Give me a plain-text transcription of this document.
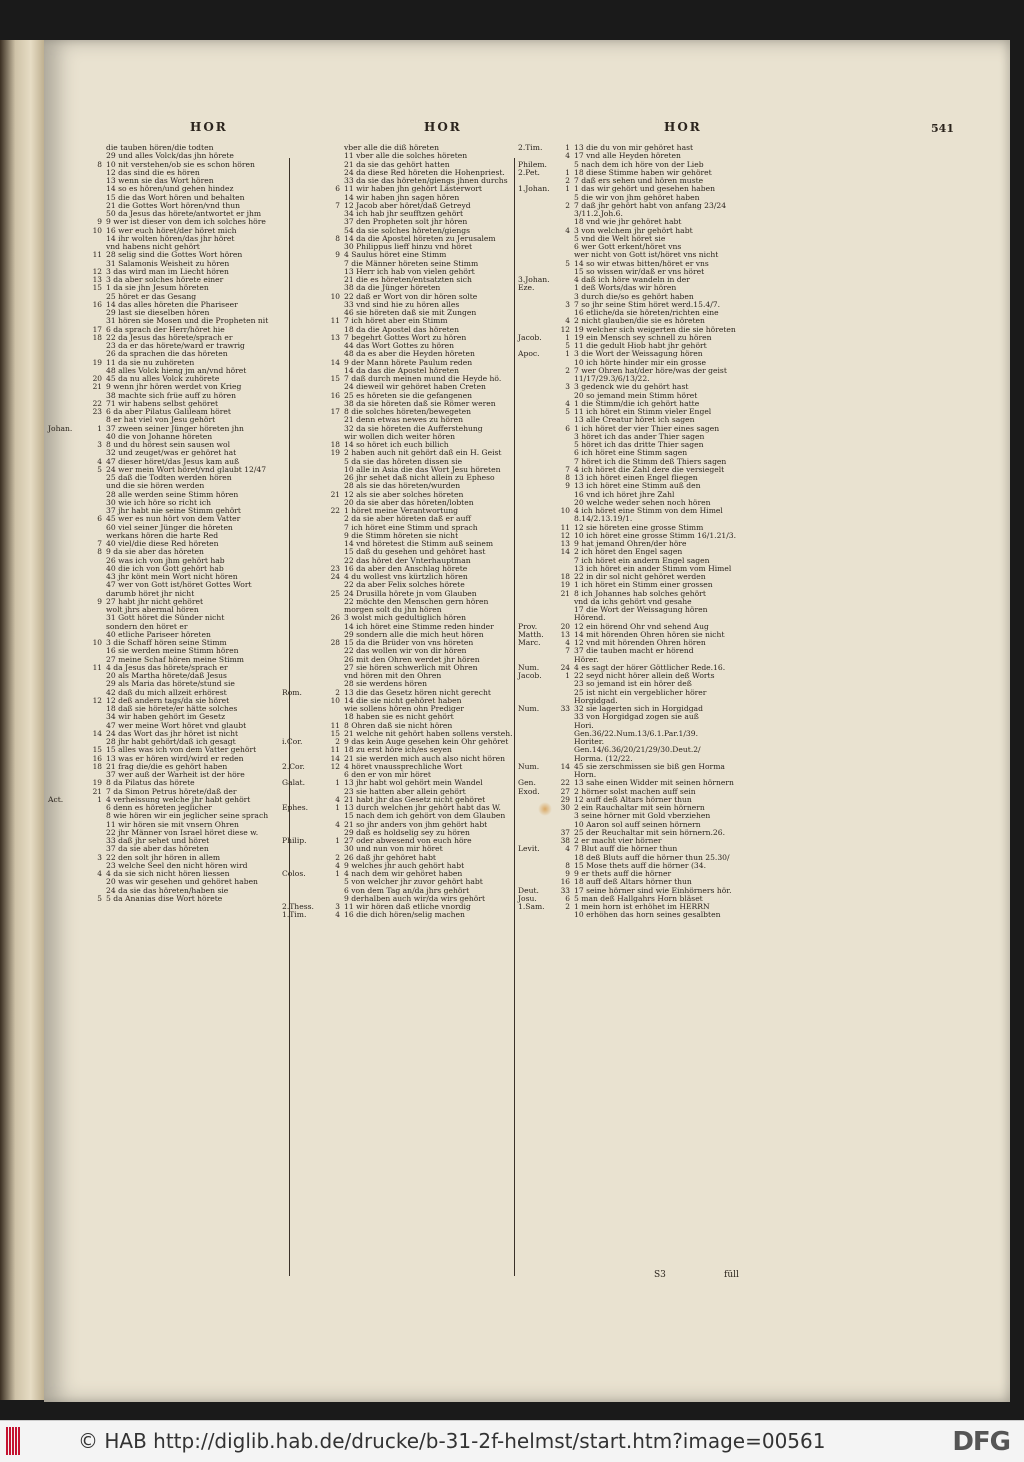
HOR	HOR	HOR	541
die tauben hören/die todten
29 und alles Volck/das jhn hörete
8 10 nit verstehen/ob sie es schon hören
12 das sind die es hören
13 wenn sie das Wort hören
14 so es hören/und gehen hindez
15 die das Wort hören und behalten
21 die Gottes Wort hören/vnd thun
50 da Jesus das hörete/antwortet er jhm
9 9 wer ist dieser von dem ich solches höre
10 16 wer euch höret/der höret mich
14 ihr wolten hören/das jhr höret
vnd habens nicht gehört
11 28 selig sind die Gottes Wort hören
31 Salamonis Weisheit zu hören
12 3 das wird man im Liecht hören
13 3 da aber solches hörete einer
15 1 da sie jhn Jesum höreten
25 höret er das Gesang
16 14 das alles höreten die Phariseer
29 last sie dieselben hören
31 hören sie Mosen und die Propheten nit
17 6 da sprach der Herr/höret hie
18 22 da Jesus das hörete/sprach er
23 da er das hörete/ward er trawrig
26 da sprachen die das höreten
19 11 da sie nu zuhöreten
48 alles Volck hieng jm an/vnd höret
20 45 da nu alles Volck zuhörete
21 9 wenn jhr hören werdet von Krieg
38 machte sich früe auff zu hören
22 71 wir habens selbst gehöret
23 6 da aber Pilatus Galileam höret
8 er hat viel von Jesu gehört
Johan.	1 37 zween seiner Jünger höreten jhn
40 die von Johanne höreten
3 8 und du hörest sein sausen wol
32 und zeuget/was er gehöret hat
4 47 dieser höret/das Jesus kam auß
5 24 wer mein Wort höret/vnd glaubt 12/47
25 daß die Todten werden hören
und die sie hören werden
28 alle werden seine Stimm hören
30 wie ich höre so richt ich
37 jhr habt nie seine Stimm gehört
6 45 wer es nun hört von dem Vatter
60 viel seiner Jünger die höreten
werkans hören die harte Red
7 40 viel/die diese Red höreten
8 9 da sie aber das höreten
26 was ich von jhm gehört hab
40 die ich von Gott gehört hab
43 jhr könt mein Wort nicht hören
47 wer von Gott ist/höret Gottes Wort
darumb höret jhr nicht
9 27 habt jhr nicht gehöret
wolt jhrs abermal hören
31 Gott höret die Sünder nicht
sondern den höret er
40 etliche Pariseer höreten
10 3 die Schaff hören seine Stimm
16 sie werden meine Stimm hören
27 meine Schaf hören meine Stimm
11 4 da Jesus das hörete/sprach er
20 als Martha hörete/daß Jesus
29 als Maria das hörete/stund sie
42 daß du mich allzeit erhörest
12 12 deß andern tags/da sie höret
18 daß sie hörete/er hätte solches
34 wir haben gehört im Gesetz
47 wer meine Wort höret vnd glaubt
14 24 das Wort das jhr höret ist nicht
28 jhr habt gehört/daß ich gesagt
15 15 alles was ich von dem Vatter gehört
16 13 was er hören wird/wird er reden
18 21 frag die/die es gehört haben
37 wer auß der Warheit ist der höre
19 8 da Pilatus das hörete
21 7 da Simon Petrus hörete/daß der
Act.	1 4 verheissung welche jhr habt gehört
6 denn es höreten jeglicher
8 wie hören wir ein jeglicher seine sprach
11 wir hören sie mit vnsern Ohren
22 jhr Männer von Israel höret diese w.
33 daß jhr sehet und höret
37 da sie aber das höreten
3 22 den solt jhr hören in allem
23 welche Seel den nicht hören wird
4 4 da sie sich nicht hören liessen
20 was wir gesehen und gehöret haben
24 da sie das höreten/haben sie
5 5 da Ananias dise Wort hörete
vber alle die diß höreten
11 vber alle die solches höreten
21 da sie das gehört hatten
24 da diese Red höreten die Hohenpriest.
33 da sie das höreten/giengs jhnen durchs
6 11 wir haben jhn gehört Lästerwort
14 wir haben jhn sagen hören
7 12 Jacob aber höret/daß Getreyd
34 ich hab jhr seufftzen gehört
37 den Propheten solt jhr hören
54 da sie solches höreten/giengs
8 14 da die Apostel höreten zu Jerusalem
30 Philippus lieff hinzu vnd höret
9 4 Saulus höret eine Stimm
7 die Männer höreten seine Stimm
13 Herr ich hab von vielen gehört
21 die es höreten/entsatzten sich
38 da die Jünger höreten
10 22 daß er Wort von dir hören solte
33 vnd sind hie zu hören alles
46 sie höreten daß sie mit Zungen
11 7 ich höret aber ein Stimm
18 da die Apostel das höreten
13 7 begehrt Gottes Wort zu hören
44 das Wort Gottes zu hören
48 da es aber die Heyden höreten
14 9 der Mann hörete Paulum reden
14 da das die Apostel höreten
15 7 daß durch meinen mund die Heyde hö.
24 dieweil wir gehöret haben Creten
16 25 es höreten sie die gefangenen
38 da sie höreten daß sie Römer weren
17 8 die solches höreten/bewegeten
21 denn etwas newes zu hören
32 da sie höreten die Aufferstehung
wir wollen dich weiter hören
18 14 so höret ich euch billich
19 2 haben auch nit gehört daß ein H. Geist
5 da sie das höreten dissen sie
10 alle in Asia die das Wort Jesu höreten
26 jhr sehet daß nicht allein zu Epheso
28 als sie das höreten/wurden
21 12 als sie aber solches höreten
20 da sie aber das höreten/lobten
22 1 höret meine Verantwortung
2 da sie aber höreten daß er auff
7 ich höret eine Stimm und sprach
9 die Stimm höreten sie nicht
14 vnd höretest die Stimm auß seinem
15 daß du gesehen und gehöret hast
22 das höret der Vnterhauptman
23 16 da aber den Anschlag hörete
24 4 du wollest vns kürtzlich hören
22 da aber Felix solches hörete
25 24 Drusilla hörete jn vom Glauben
22 möchte den Menschen gern hören
morgen solt du jhn hören
26 3 wolst mich gedultiglich hören
14 ich höret eine Stimme reden hinder
29 sondern alle die mich heut hören
28 15 da die Brüder von vns höreten
22 das wollen wir von dir hören
26 mit den Ohren werdet jhr hören
27 sie hören schwerlich mit Ohren
vnd hören mit den Ohren
28 sie werdens hören
Rom.	2 13 die das Gesetz hören nicht gerecht
10 14 die sie nicht gehöret haben
wie sollens hören ohn Prediger
18 haben sie es nicht gehört
11 8 Ohren daß sie nicht hören
15 21 welche nit gehört haben sollens versteh.
i.Cor.	2 9 das kein Auge gesehen kein Ohr gehöret
11 18 zu erst höre ich/es seyen
14 21 sie werden mich auch also nicht hören
2.Cor.	12 4 höret vnaussprechliche Wort
6 den er von mir höret
Galat.	1 13 jhr habt wol gehört mein Wandel
23 sie hatten aber allein gehört
4 21 habt jhr das Gesetz nicht gehöret
Ephes.	1 13 durch welchen jhr gehört habt das W.
15 nach dem ich gehört von dem Glauben
4 21 so jhr anders von jhm gehört habt
29 daß es holdselig sey zu hören
Philip.	1 27 oder abwesend von euch höre
30 und nun von mir höret
2 26 daß jhr gehöret habt
4 9 welches jhr auch gehört habt
Colos.	1 4 nach dem wir gehöret haben
5 von welcher jhr zuvor gehört habt
6 von dem Tag an/da jhrs gehört
9 derhalben auch wir/da wirs gehört
2.Thess.	3 11 wir hören daß etliche vnordig
1.Tim.	4 16 die dich hören/selig machen
2.Tim.	1 13 die du von mir gehöret hast
4 17 vnd alle Heyden höreten
Philem.	5 nach dem ich höre von der Lieb
2.Pet.	1 18 diese Stimme haben wir gehöret
2 7 daß ers sehen und hören muste
1.Johan.	1 1 das wir gehört und gesehen haben
5 die wir von jhm gehöret haben
2 7 daß jhr gehört habt von anfang 23/24
3/11.2.Joh.6.
18 vnd wie jhr gehöret habt
4 3 von welchem jhr gehört habt
5 vnd die Welt höret sie
6 wer Gott erkent/höret vns
wer nicht von Gott ist/höret vns nicht
5 14 so wir etwas bitten/höret er vns
15 so wissen wir/daß er vns höret
3.Johan.	4 daß ich höre wandeln in der
Eze.	1 deß Worts/das wir hören
3 durch die/so es gehört haben
3 7 so jhr seine Stim höret werd.15.4/7.
16 etliche/da sie höreten/richten eine
4 2 nicht glauben/die sie es höreten
12 19 welcher sich weigerten die sie höreten
Jacob.	1 19 ein Mensch sey schnell zu hören
5 11 die gedult Hiob habt jhr gehört
Apoc.	1 3 die Wort der Weissagung hören
10 ich hörte hinder mir ein grosse
2 7 wer Ohren hat/der höre/was der geist
11/17/29.3/6/13/22.
3 3 gedenck wie du gehört hast
20 so jemand mein Stimm höret
4 1 die Stimm/die ich gehört hatte
5 11 ich höret ein Stimm vieler Engel
13 alle Creatur höret ich sagen
6 1 ich höret der vier Thier eines sagen
3 höret ich das ander Thier sagen
5 höret ich das dritte Thier sagen
6 ich höret eine Stimm sagen
7 höret ich die Stimm deß Thiers sagen
7 4 ich höret die Zahl dere die versiegelt
8 13 ich höret einen Engel fliegen
9 13 ich höret eine Stimm auß den
16 vnd ich höret jhre Zahl
20 welche weder sehen noch hören
10 4 ich höret eine Stimm von dem Himel
8.14/2.13.19/1.
11 12 sie höreten eine grosse Stimm
12 10 ich höret eine grosse Stimm 16/1.21/3.
13 9 hat jemand Ohren/der höre
14 2 ich höret den Engel sagen
7 ich höret ein andern Engel sagen
13 ich höret ein ander Stimm vom Himel
18 22 in dir sol nicht gehöret werden
19 1 ich höret ein Stimm einer grossen
21 8 ich Johannes hab solches gehört
vnd da ichs gehört vnd gesahe
17 die Wort der Weissagung hören
Hörend.
Prov.	20 12 ein hörend Ohr vnd sehend Aug
Matth.	13 14 mit hörenden Ohren hören sie nicht
Marc.	4 12 vnd mit hörenden Ohren hören
7 37 die tauben macht er hörend
Hörer.
Num.	24 4 es sagt der hörer Göttlicher Rede.16.
Jacob.	1 22 seyd nicht hörer allein deß Worts
23 so jemand ist ein hörer deß
25 ist nicht ein vergeblicher hörer
Horgidgad.
Num.	33 32 sie lagerten sich in Horgidgad
33 von Horgidgad zogen sie auß
Hori.
Gen.36/22.Num.13/6.1.Par.1/39.
Horiter.
Gen.14/6.36/20/21/29/30.Deut.2/
Horma. (12/22.
Num.	14 45 sie zerschmissen sie biß gen Horma
Horn.
Gen.	22 13 sahe einen Widder mit seinen hörnern
Exod.	27 2 hörner solst machen auff sein
29 12 auff deß Altars hörner thun
30 2 ein Rauchaltar mit sein hörnern
3 seine hörner mit Gold vberziehen
10 Aaron sol auff seinen hörnern
37 25 der Reuchaltar mit sein hörnern.26.
38 2 er macht vier hörner
Levit.	4 7 Blut auff die hörner thun
18 deß Bluts auff die hörner thun 25.30/
8 15 Mose thets auff die hörner (34.
9 9 er thets auff die hörner
16 18 auff deß Altars hörner thun
Deut.	33 17 seine hörner sind wie Einhörners hör.
Josu.	6 5 man deß Hallgahrs Horn bläset
1.Sam.	2 1 mein horn ist erhöhet im HERRN
10 erhöhen das horn seines gesalbten
S3	füll
© HAB http://diglib.hab.de/drucke/b-31-2f-helmst/start.htm?image=00561	DFG
